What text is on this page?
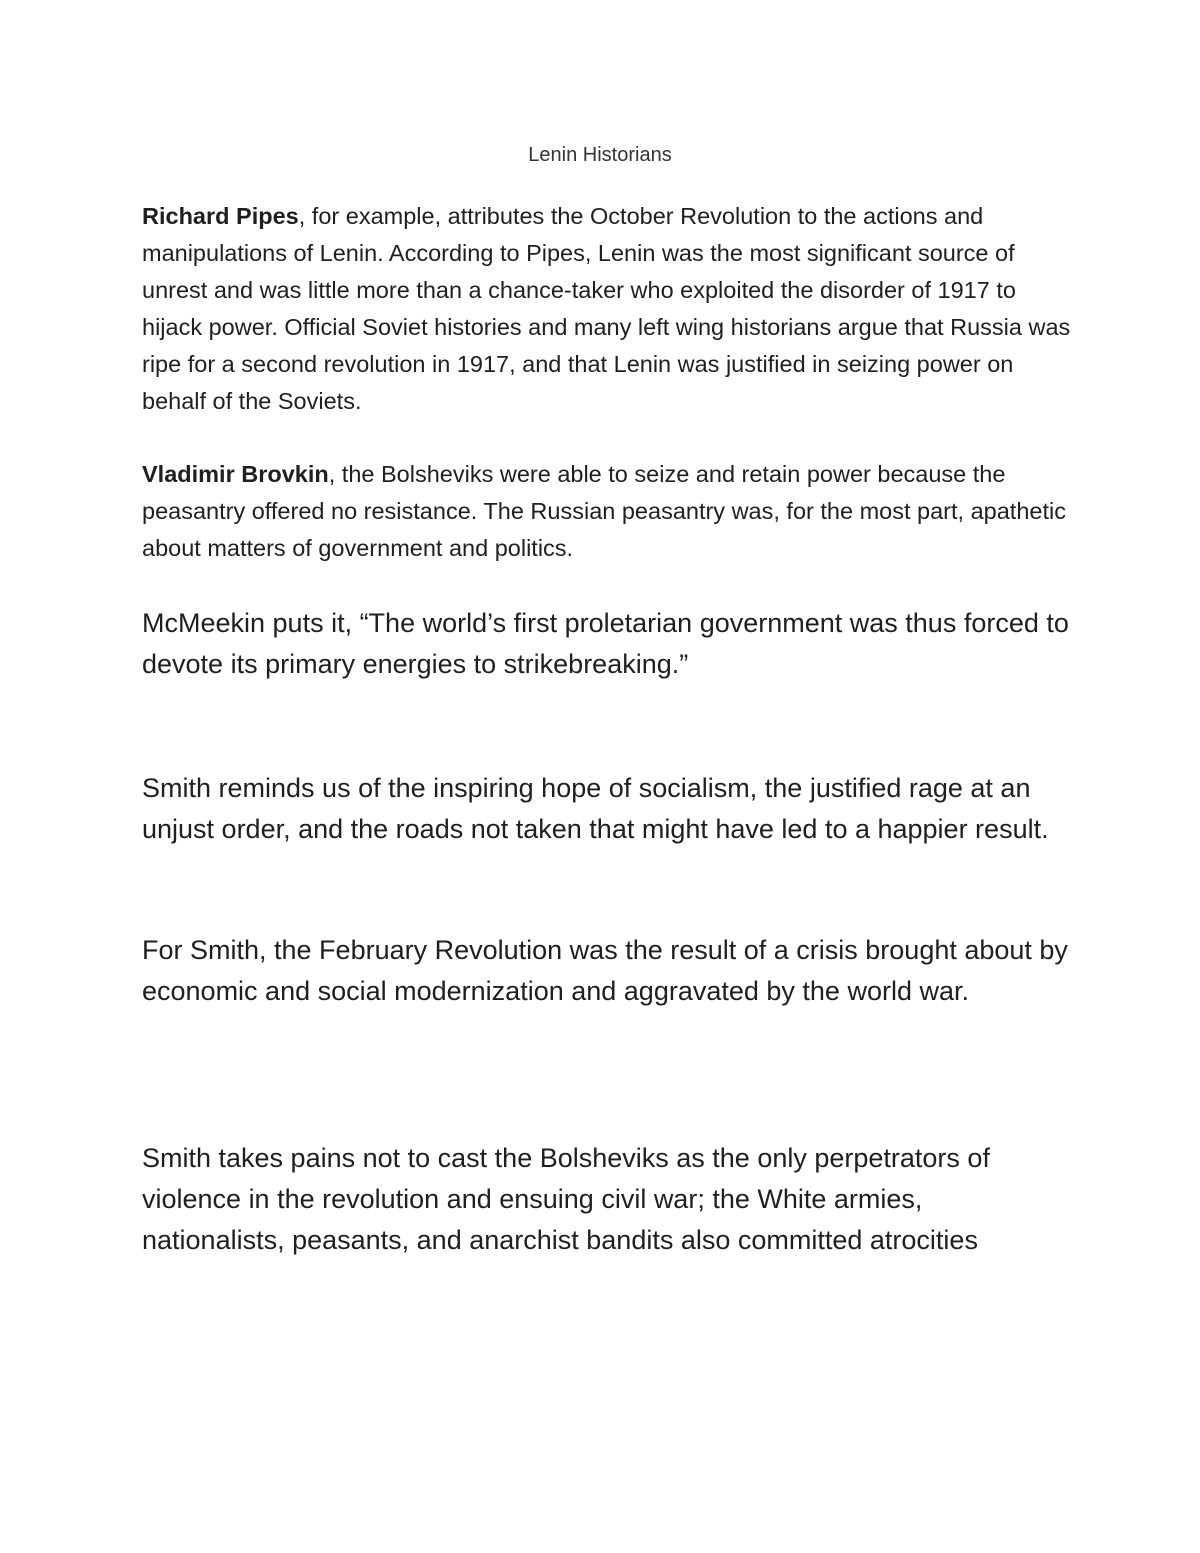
Lenin Historians

Richard Pipes, for example, attributes the October Revolution to the actions and manipulations of Lenin. According to Pipes, Lenin was the most significant source of unrest and was little more than a chance-taker who exploited the disorder of 1917 to hijack power. Official Soviet histories and many left wing historians argue that Russia was ripe for a second revolution in 1917, and that Lenin was justified in seizing power on behalf of the Soviets.

Vladimir Brovkin, the Bolsheviks were able to seize and retain power because the peasantry offered no resistance. The Russian peasantry was, for the most part, apathetic about matters of government and politics.

McMeekin puts it, “The world’s first proletarian government was thus forced to devote its primary energies to strikebreaking.”

Smith reminds us of the inspiring hope of socialism, the justified rage at an unjust order, and the roads not taken that might have led to a happier result.

For Smith, the February Revolution was the result of a crisis brought about by economic and social modernization and aggravated by the world war.

Smith takes pains not to cast the Bolsheviks as the only perpetrators of violence in the revolution and ensuing civil war; the White armies, nationalists, peasants, and anarchist bandits also committed atrocities
